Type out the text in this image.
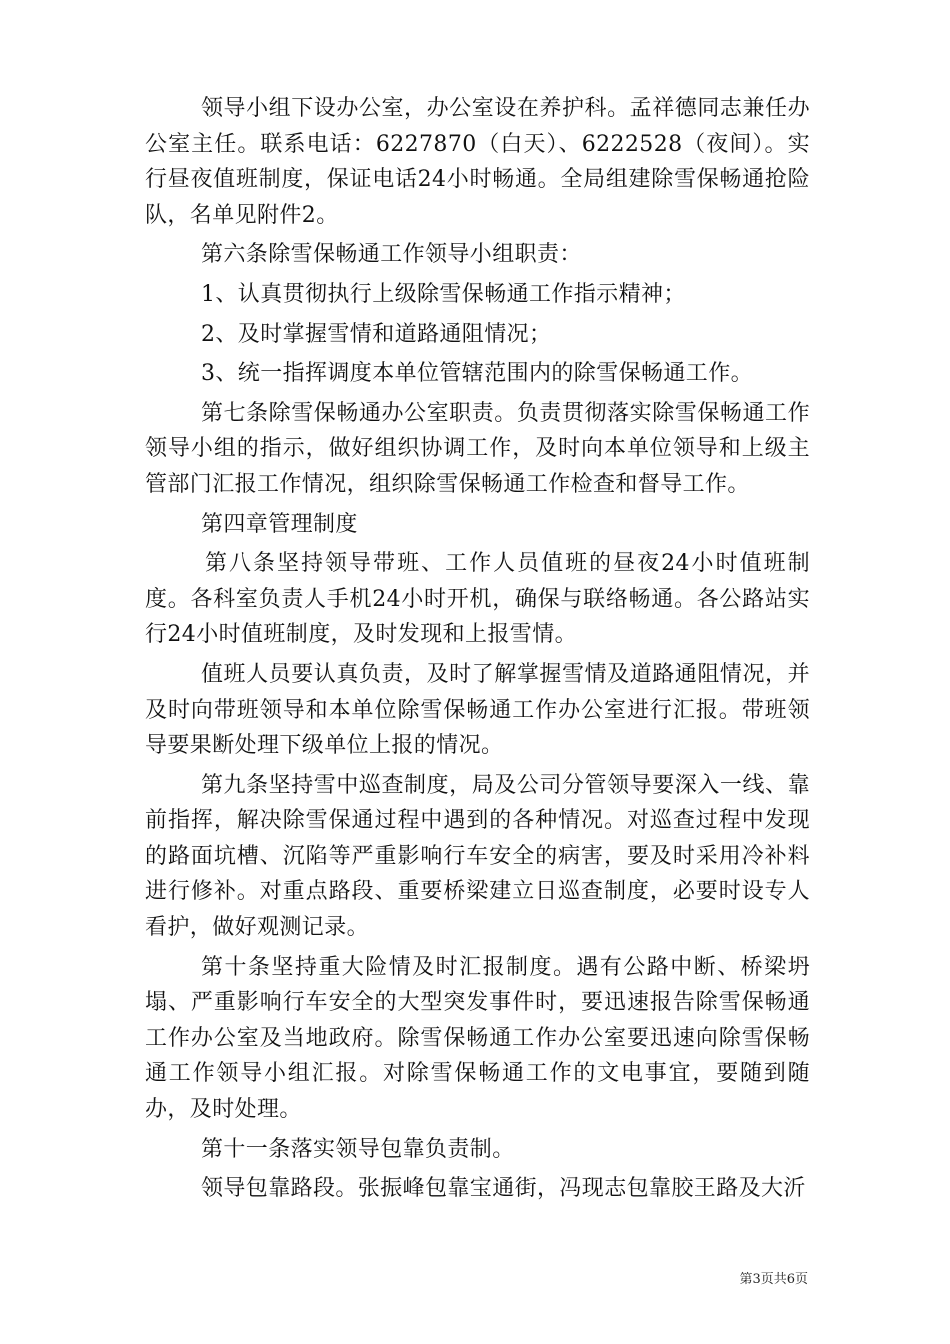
领导小组下设办公室，办公室设在养护科。孟祥德同志兼任办公室主任。联系电话：6227870（白天）、6222528（夜间）。实行昼夜值班制度，保证电话24小时畅通。全局组建除雪保畅通抢险队，名单见附件2。

第六条除雪保畅通工作领导小组职责：

1、认真贯彻执行上级除雪保畅通工作指示精神；

2、及时掌握雪情和道路通阻情况；

3、统一指挥调度本单位管辖范围内的除雪保畅通工作。

第七条除雪保畅通办公室职责。负责贯彻落实除雪保畅通工作领导小组的指示，做好组织协调工作，及时向本单位领导和上级主管部门汇报工作情况，组织除雪保畅通工作检查和督导工作。

第四章管理制度

第八条坚持领导带班、工作人员值班的昼夜24小时值班制度。各科室负责人手机24小时开机，确保与联络畅通。各公路站实行24小时值班制度，及时发现和上报雪情。

值班人员要认真负责，及时了解掌握雪情及道路通阻情况，并及时向带班领导和本单位除雪保畅通工作办公室进行汇报。带班领导要果断处理下级单位上报的情况。

第九条坚持雪中巡查制度，局及公司分管领导要深入一线、靠前指挥，解决除雪保通过程中遇到的各种情况。对巡查过程中发现的路面坑槽、沉陷等严重影响行车安全的病害，要及时采用冷补料进行修补。对重点路段、重要桥梁建立日巡查制度，必要时设专人看护，做好观测记录。

第十条坚持重大险情及时汇报制度。遇有公路中断、桥梁坍塌、严重影响行车安全的大型突发事件时，要迅速报告除雪保畅通工作办公室及当地政府。除雪保畅通工作办公室要迅速向除雪保畅通工作领导小组汇报。对除雪保畅通工作的文电事宜，要随到随办，及时处理。

第十一条落实领导包靠负责制。

领导包靠路段。张振峰包靠宝通街，冯现志包靠胶王路及大沂

第3页共6页
